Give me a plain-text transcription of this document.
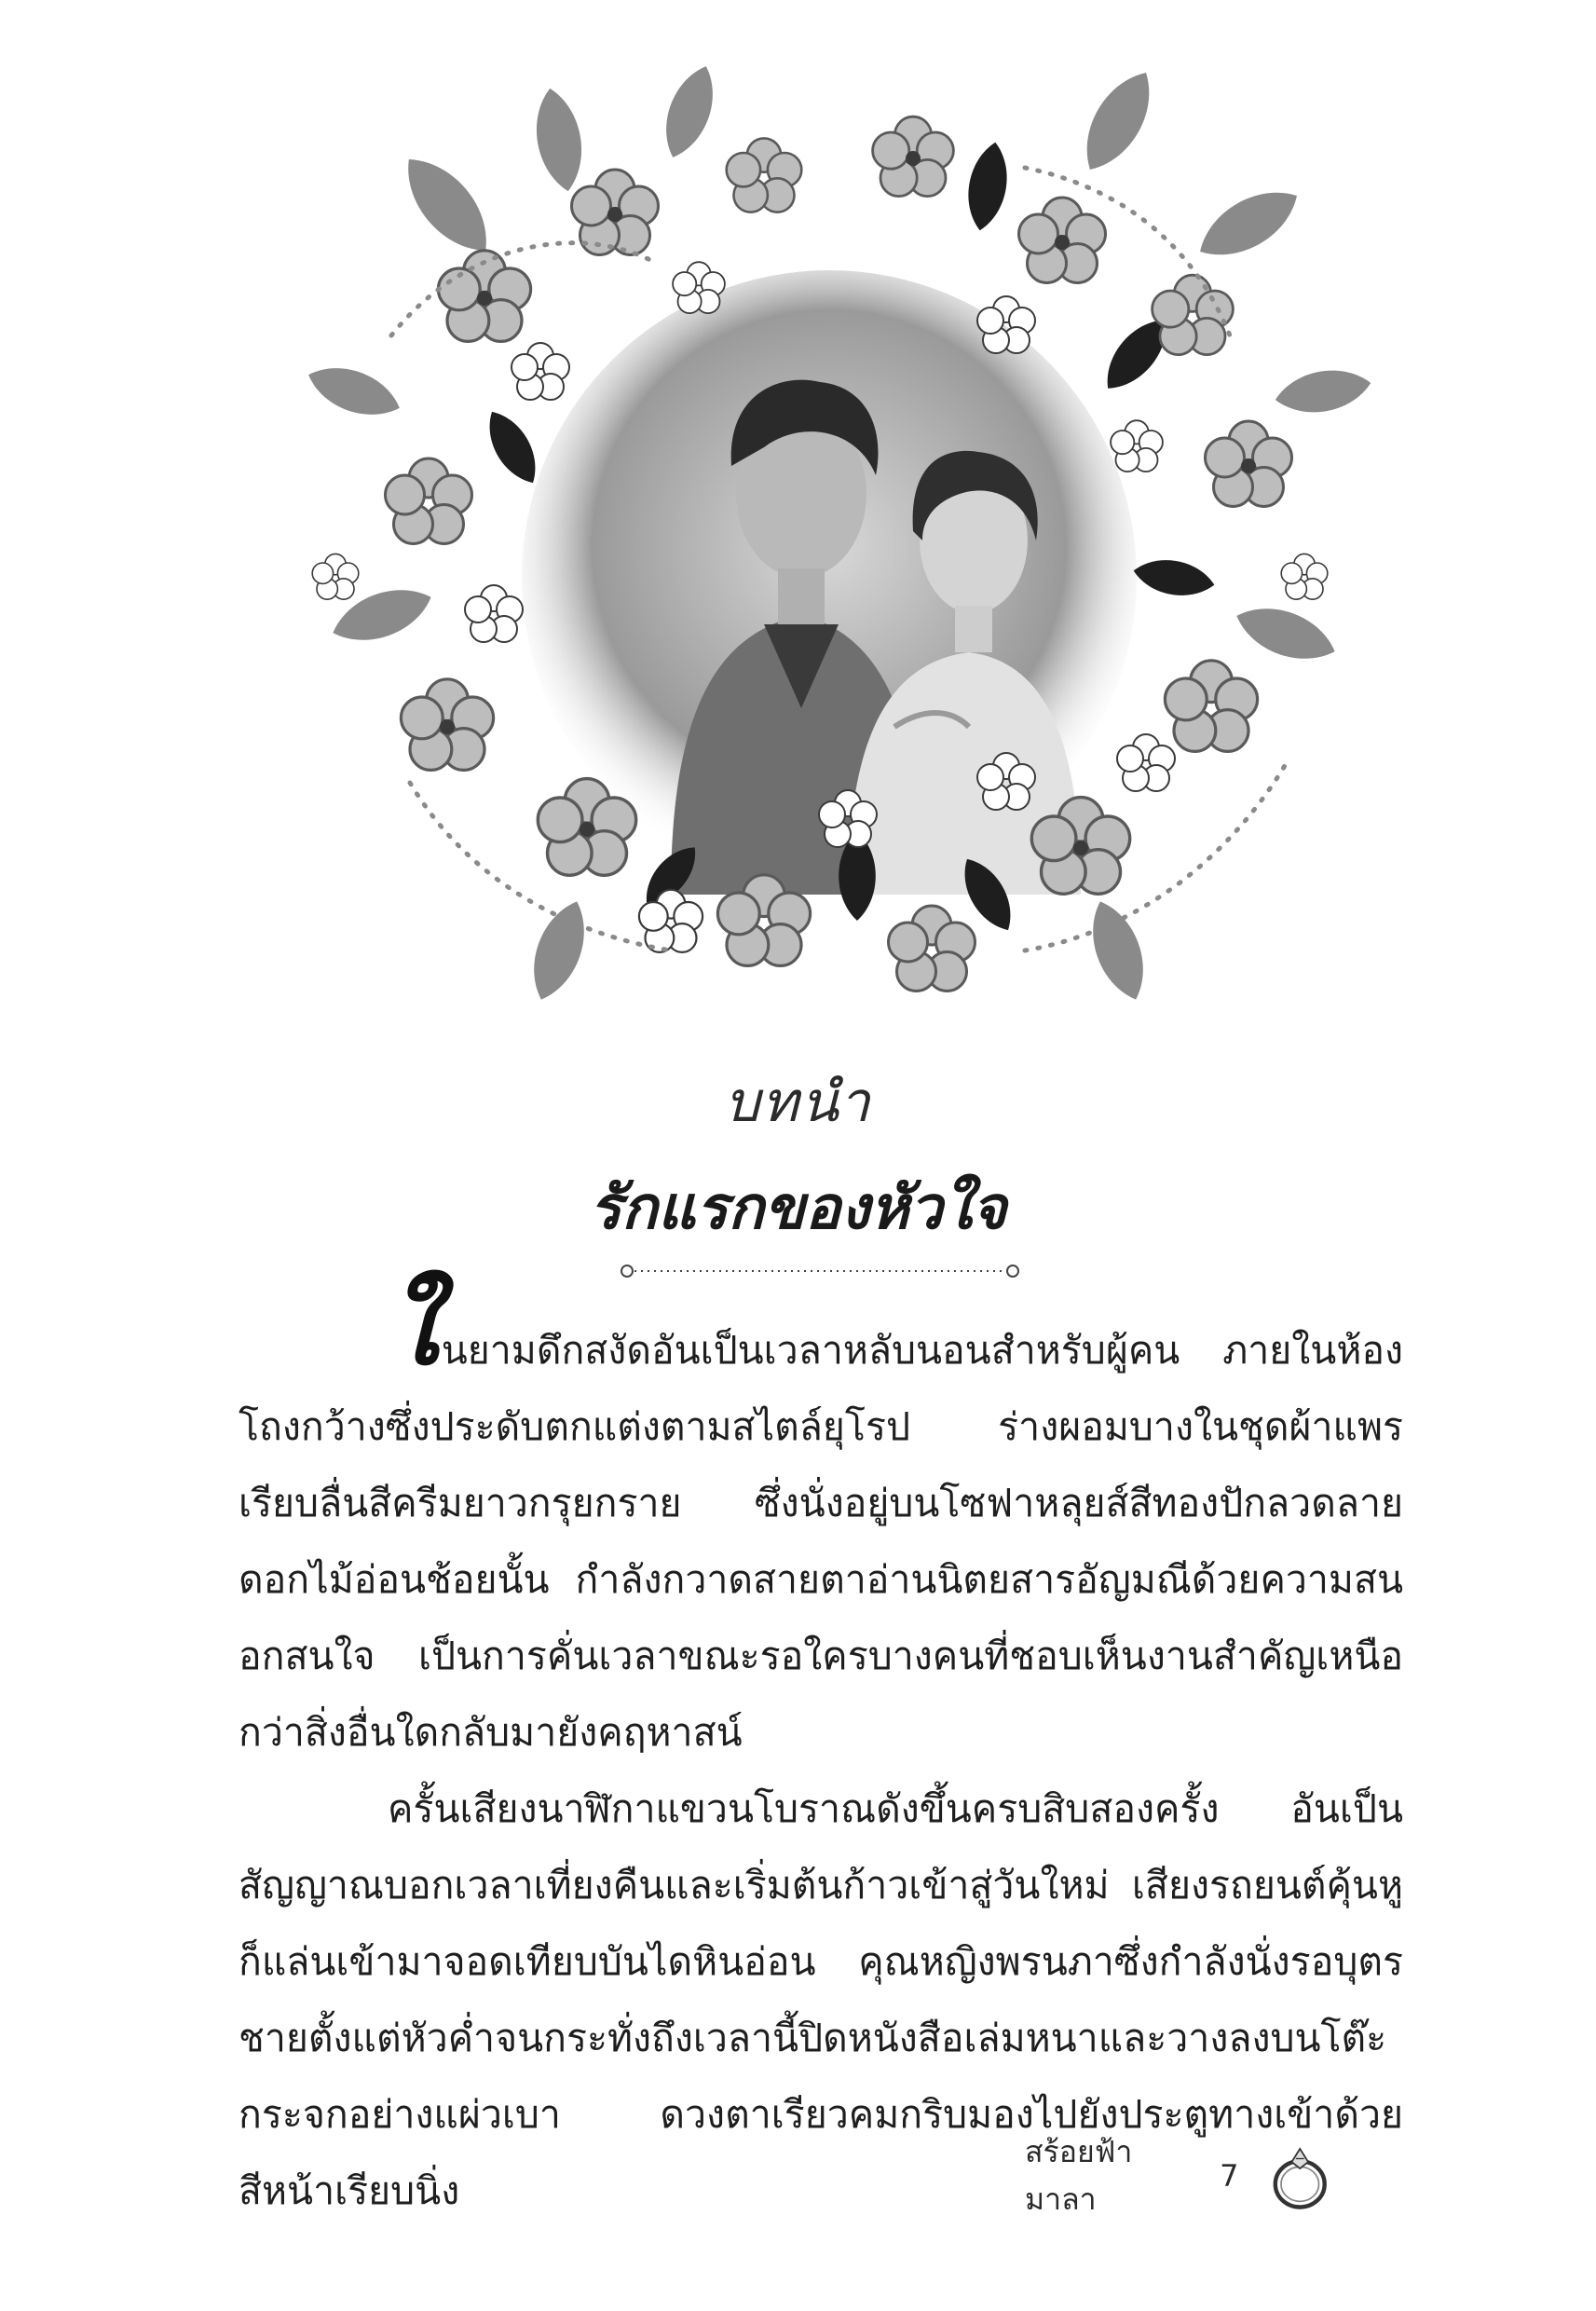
บทนำ
รักแรกของหัวใจ

ในยามดึกสงัดอันเป็นเวลาหลับนอนสำหรับผู้คน ภายในห้องโถงกว้างซึ่งประดับตกแต่งตามสไตล์ยุโรป ร่างผอมบางในชุดผ้าแพรเรียบลื่นสีครีมยาวกรุยกราย ซึ่งนั่งอยู่บนโซฟาหลุยส์สีทองปักลวดลายดอกไม้อ่อนช้อยนั้น กำลังกวาดสายตาอ่านนิตยสารอัญมณีด้วยความสนอกสนใจ เป็นการคั่นเวลาขณะรอใครบางคนที่ชอบเห็นงานสำคัญเหนือกว่าสิ่งอื่นใดกลับมายังคฤหาสน์

ครั้นเสียงนาฬิกาแขวนโบราณดังขึ้นครบสิบสองครั้ง อันเป็นสัญญาณบอกเวลาเที่ยงคืนและเริ่มต้นก้าวเข้าสู่วันใหม่ เสียงรถยนต์คุ้นหูก็แล่นเข้ามาจอดเทียบบันไดหินอ่อน คุณหญิงพรนภาซึ่งกำลังนั่งรอบุตรชายตั้งแต่หัวค่ำจนกระทั่งถึงเวลานี้ปิดหนังสือเล่มหนาและวางลงบนโต๊ะกระจกอย่างแผ่วเบา ดวงตาเรียวคมกริบมองไปยังประตูทางเข้าด้วยสีหน้าเรียบนิ่ง

สร้อยฟ้ามาลา
7
